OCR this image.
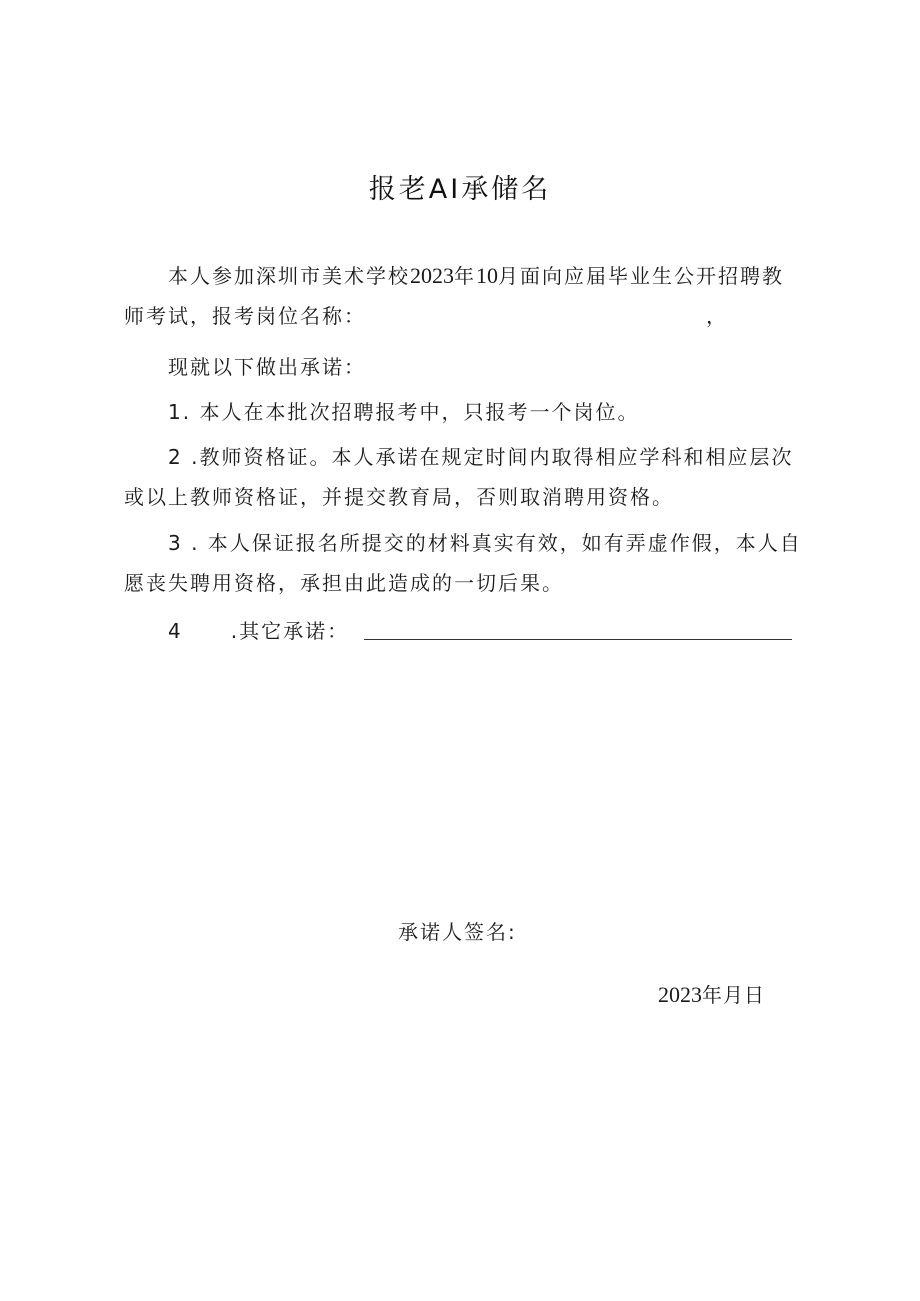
报老AI承储名

本人参加深圳市美术学校2023年10月面向应届毕业生公开招聘教师考试，报考岗位名称：	，

现就以下做出承诺：

1. 本人在本批次招聘报考中，只报考一个岗位。

2 .教师资格证。本人承诺在规定时间内取得相应学科和相应层次或以上教师资格证，并提交教育局，否则取消聘用资格。

3 . 本人保证报名所提交的材料真实有效，如有弄虚作假，本人自愿丧失聘用资格，承担由此造成的一切后果。

4 .其它承诺：

承诺人签名:
2023年月日
